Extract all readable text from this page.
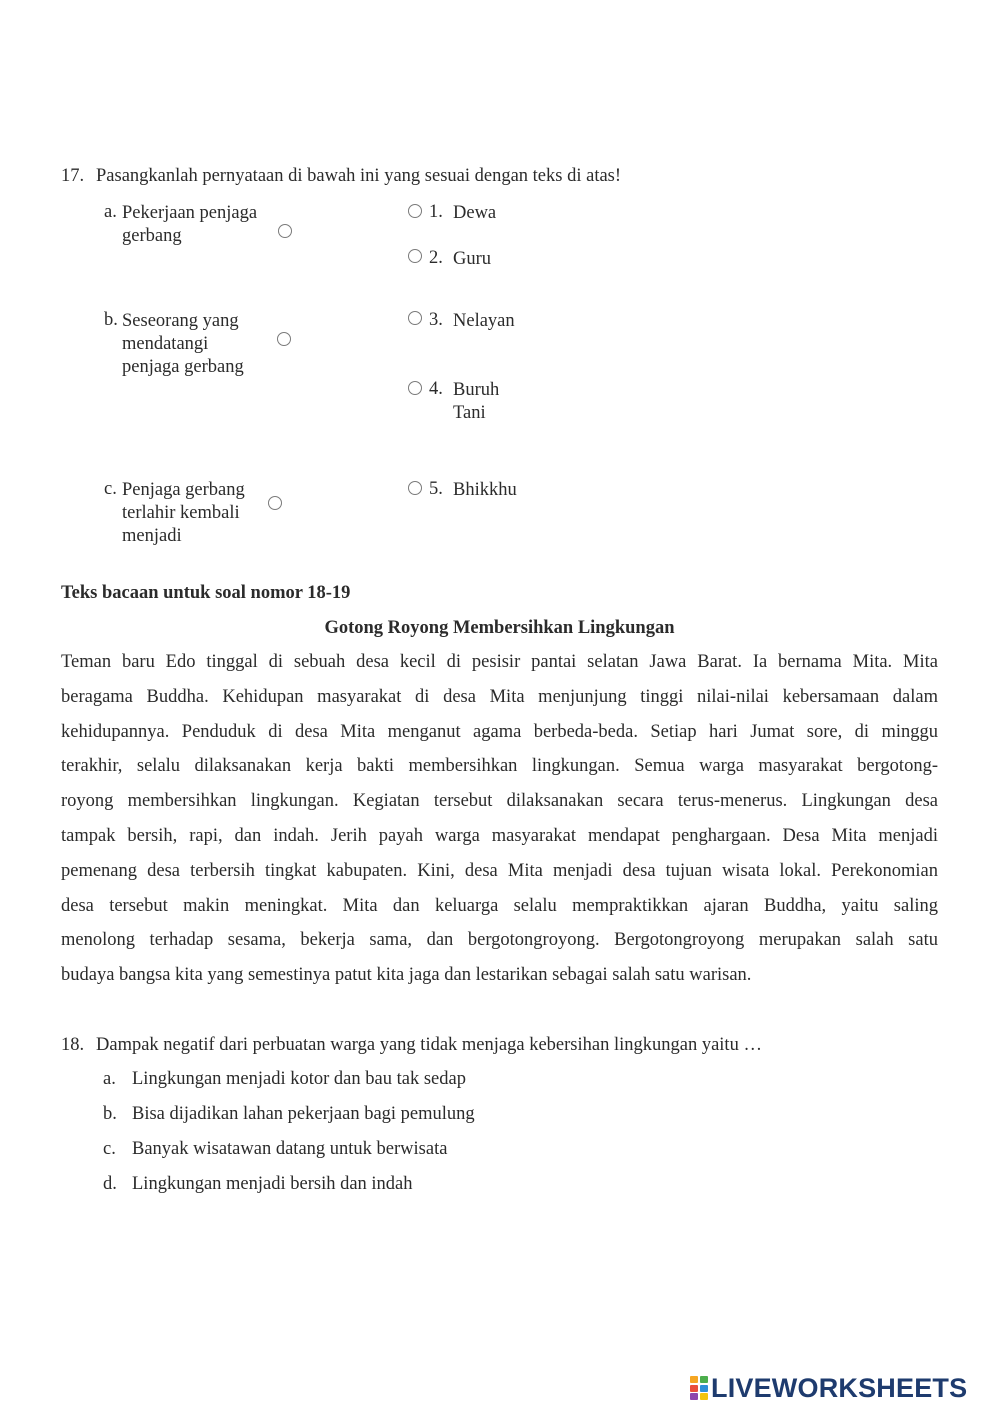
17. Pasangkanlah pernyataan di bawah ini yang sesuai dengan teks di atas!
a. Pekerjaan penjaga
gerbang
b. Seseorang yang
mendatangi
penjaga gerbang
c. Penjaga gerbang
terlahir kembali
menjadi
1. Dewa
2. Guru
3. Nelayan
4. Buruh
Tani
5. Bhikkhu
Teks bacaan untuk soal nomor 18-19
Gotong Royong Membersihkan Lingkungan
Teman baru Edo tinggal di sebuah desa kecil di pesisir pantai selatan Jawa Barat. Ia bernama Mita. Mita
beragama Buddha. Kehidupan masyarakat di desa Mita menjunjung tinggi nilai-nilai kebersamaan dalam
kehidupannya. Penduduk di desa Mita menganut agama berbeda-beda. Setiap hari Jumat sore, di minggu
terakhir, selalu dilaksanakan kerja bakti membersihkan lingkungan. Semua warga masyarakat bergotong-
royong membersihkan lingkungan. Kegiatan tersebut dilaksanakan secara terus-menerus. Lingkungan desa
tampak bersih, rapi, dan indah. Jerih payah warga masyarakat mendapat penghargaan. Desa Mita menjadi
pemenang desa terbersih tingkat kabupaten. Kini, desa Mita menjadi desa tujuan wisata lokal. Perekonomian
desa tersebut makin meningkat. Mita dan keluarga selalu mempraktikkan ajaran Buddha, yaitu saling
menolong terhadap sesama, bekerja sama, dan bergotongroyong. Bergotongroyong merupakan salah satu
budaya bangsa kita yang semestinya patut kita jaga dan lestarikan sebagai salah satu warisan.
18. Dampak negatif dari perbuatan warga yang tidak menjaga kebersihan lingkungan yaitu …
a. Lingkungan menjadi kotor dan bau tak sedap
b. Bisa dijadikan lahan pekerjaan bagi pemulung
c. Banyak wisatawan datang untuk berwisata
d. Lingkungan menjadi bersih dan indah
LIVEWORKSHEETS
